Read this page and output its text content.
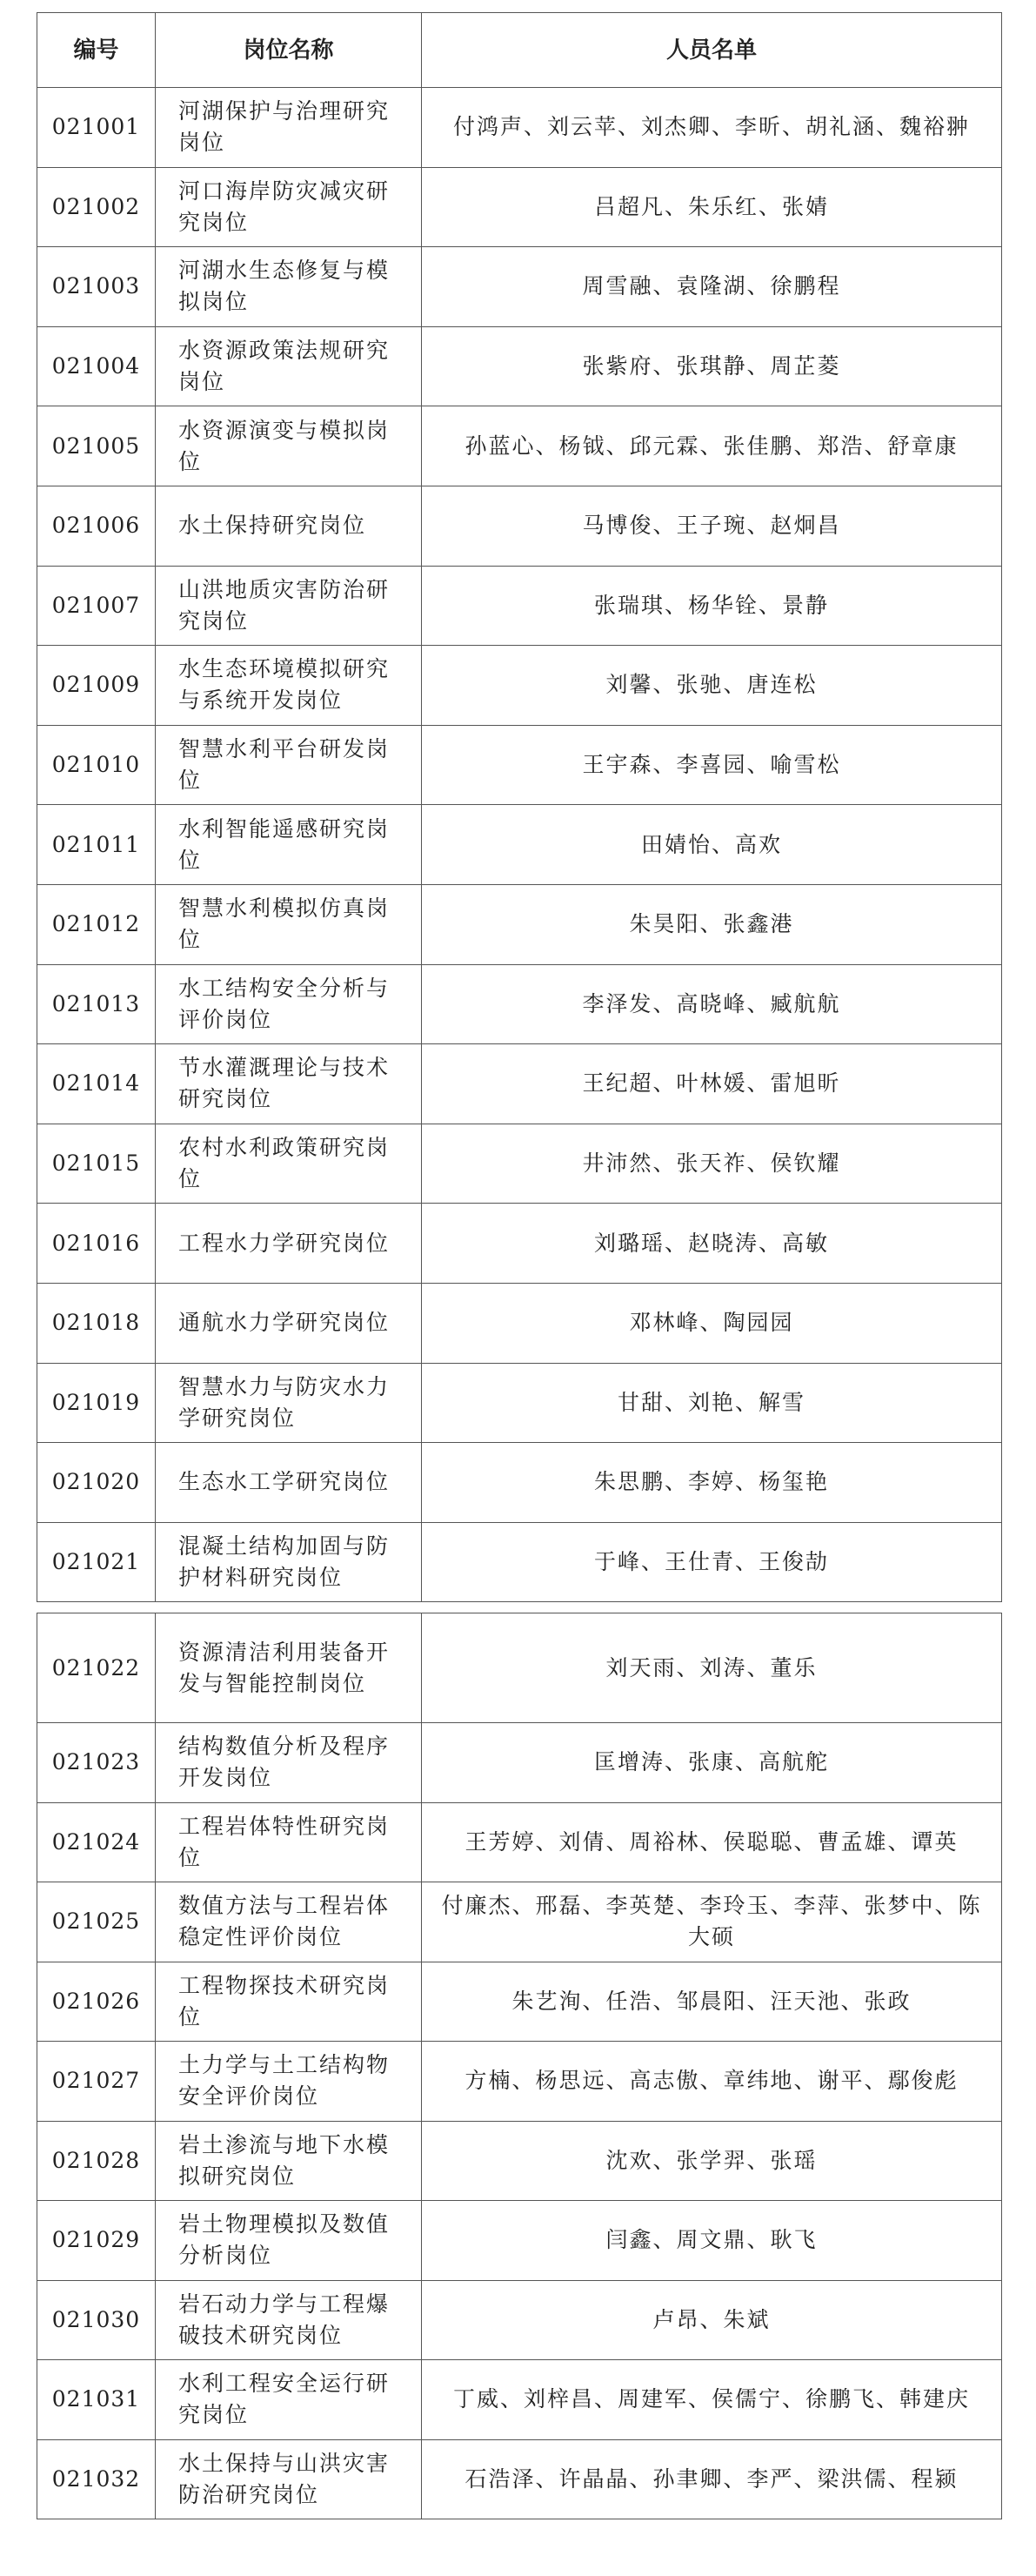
编号	岗位名称	人员名单
021001	河湖保护与治理研究岗位	付鸿声、刘云苹、刘杰卿、李昕、胡礼涵、魏裕翀
021002	河口海岸防灾减灾研究岗位	吕超凡、朱乐红、张婧
021003	河湖水生态修复与模拟岗位	周雪融、袁隆湖、徐鹏程
021004	水资源政策法规研究岗位	张紫府、张琪静、周芷菱
021005	水资源演变与模拟岗位	孙蓝心、杨钺、邱元霖、张佳鹏、郑浩、舒章康
021006	水土保持研究岗位	马博俊、王子琬、赵炯昌
021007	山洪地质灾害防治研究岗位	张瑞琪、杨华铨、景静
021009	水生态环境模拟研究与系统开发岗位	刘馨、张驰、唐连松
021010	智慧水利平台研发岗位	王宇森、李喜园、喻雪松
021011	水利智能遥感研究岗位	田婧怡、高欢
021012	智慧水利模拟仿真岗位	朱昊阳、张鑫港
021013	水工结构安全分析与评价岗位	李泽发、高晓峰、臧航航
021014	节水灌溉理论与技术研究岗位	王纪超、叶林媛、雷旭昕
021015	农村水利政策研究岗位	井沛然、张天祚、侯钦耀
021016	工程水力学研究岗位	刘璐瑶、赵晓涛、高敏
021018	通航水力学研究岗位	邓林峰、陶园园
021019	智慧水力与防灾水力学研究岗位	甘甜、刘艳、解雪
021020	生态水工学研究岗位	朱思鹏、李婷、杨玺艳
021021	混凝土结构加固与防护材料研究岗位	于峰、王仕青、王俊劼
021022	资源清洁利用装备开发与智能控制岗位	刘天雨、刘涛、董乐
021023	结构数值分析及程序开发岗位	匡增涛、张康、高航舵
021024	工程岩体特性研究岗位	王芳婷、刘倩、周裕林、侯聪聪、曹孟雄、谭英
021025	数值方法与工程岩体稳定性评价岗位	付廉杰、邢磊、李英楚、李玲玉、李萍、张梦中、陈大硕
021026	工程物探技术研究岗位	朱艺洵、任浩、邹晨阳、汪天池、张政
021027	土力学与土工结构物安全评价岗位	方楠、杨思远、高志傲、章纬地、谢平、鄢俊彪
021028	岩土渗流与地下水模拟研究岗位	沈欢、张学羿、张瑶
021029	岩土物理模拟及数值分析岗位	闫鑫、周文鼎、耿飞
021030	岩石动力学与工程爆破技术研究岗位	卢昂、朱斌
021031	水利工程安全运行研究岗位	丁威、刘梓昌、周建军、侯儒宁、徐鹏飞、韩建庆
021032	水土保持与山洪灾害防治研究岗位	石浩泽、许晶晶、孙聿卿、李严、梁洪儒、程颍
